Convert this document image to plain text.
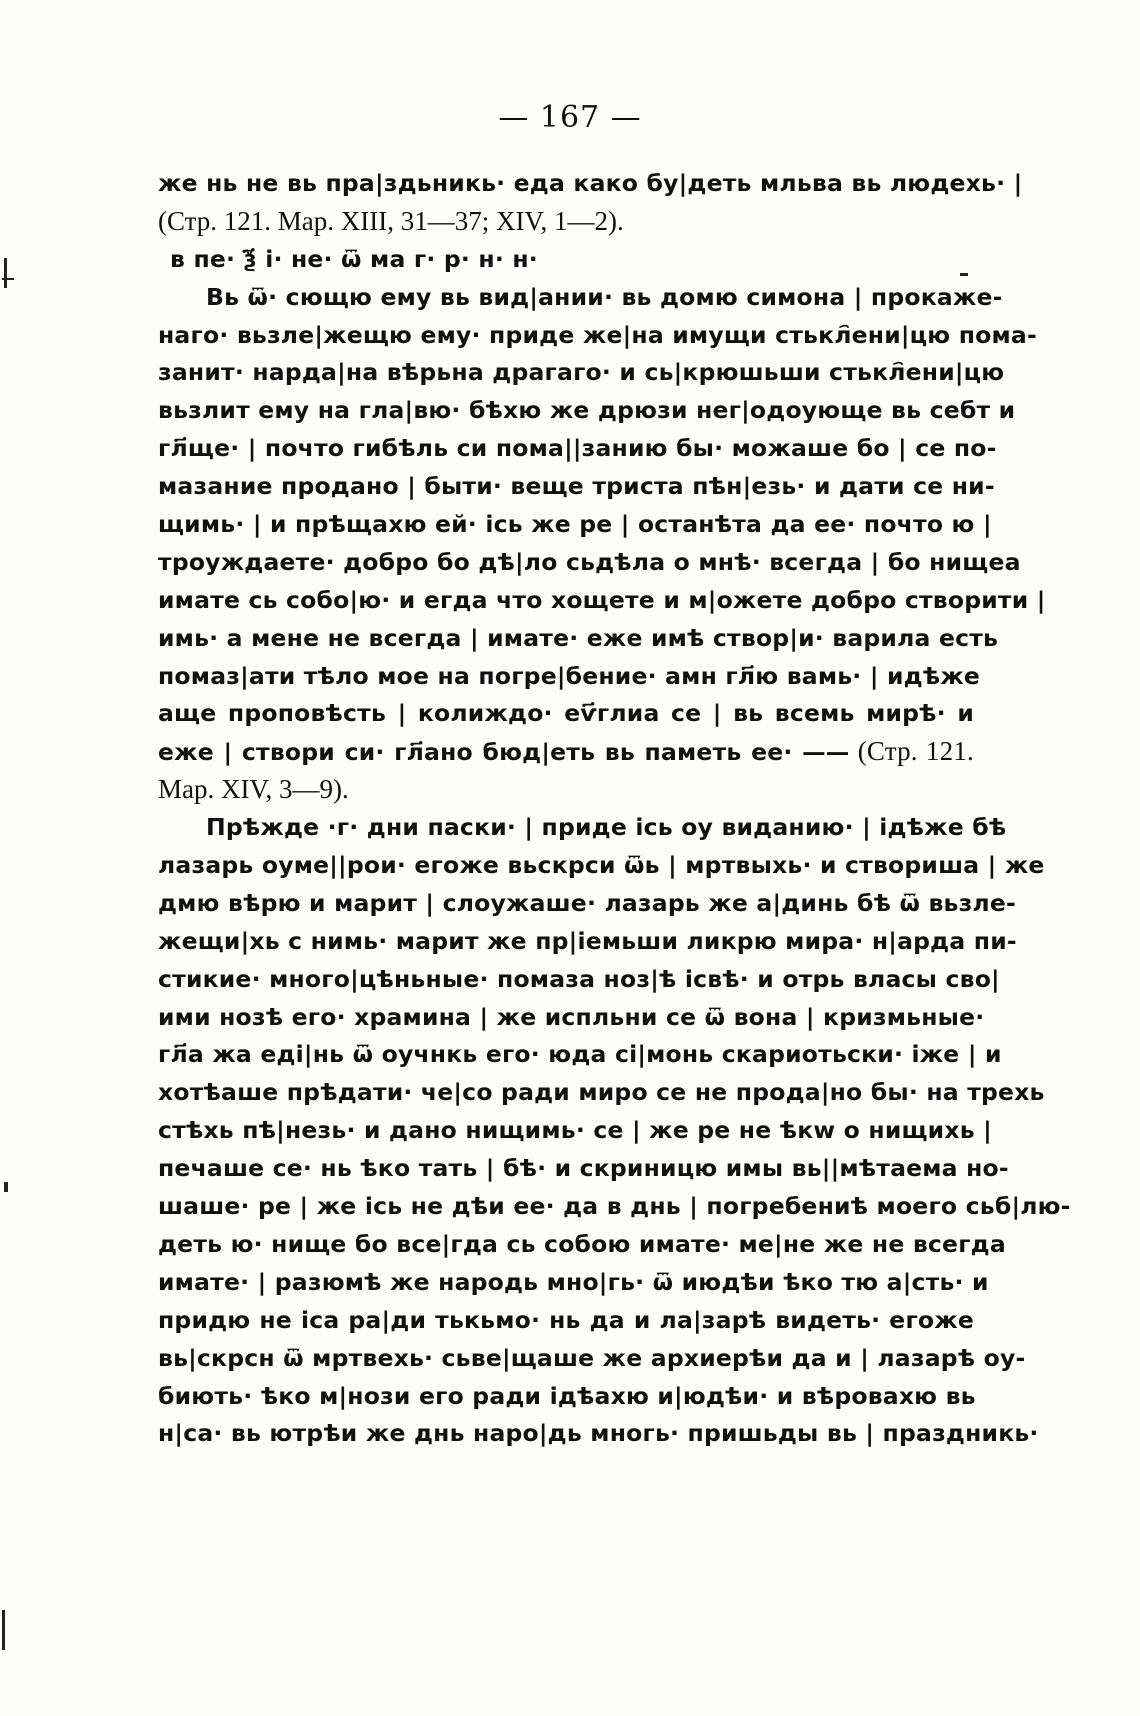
— 167 —
же нь не вь пра|здьникь· еда како бу|деть мльва вь людехь· |
(Стр. 121. Мар. XIII, 31—37; XIV, 1—2).
в пе· ѯ҃ і· не· ѿ ма г· р· н· н·
Вь ѿ· сющю ему вь вид|ании· вь домю симона | прокаже-
наго· вьзле|жещю ему· приде же|на имущи стькл҄ени|цю пома-
занит· нарда|на вѣрьна драгаго· и сь|крюшьши стькл҄ени|цю
вьзлит ему на гла|вю· бѣхю же дрюзи нег|одоующе вь себт и
гл҃ще· | почто гибѣль си пома||занию бы· можаше бо | се по-
мазание продано | быти· веще триста пѣн|езь· и дати се ни-
щимь· | и прѣщахю ей· ісь же ре | останѣта да ее· почто ю |
троуждаете· добро бо дѣ|ло сьдѣла о мнѣ· всегда | бо нищеа
имате сь собо|ю· и егда что хощете и м|ожете добро створити |
имь· а мене не всегда | имате· еже имѣ створ|и· варила есть
помаз|ати тѣло мое на погре|бение· амн гл҃ю вамь· | идѣже
аще проповѣсть | колиждо· еѵ҃глиа се | вь всемь мирѣ· и
еже | створи си· гл҃ано бюд|еть вь паметь ее· —— (Стр. 121.
Мар. XIV, 3—9).
Прѣжде ·г· дни паски· | приде ісь оу виданию· | ідѣже бѣ
лазарь оуме||рои· егоже вьскрси ѿь | мртвыхь· и створиша | же
дмю вѣрю и марит | слоужаше· лазарь же а|динь бѣ ѿ вьзле-
жещи|хь с нимь· марит же пр|iемьши ликрю мира· н|арда пи-
стикие· много|цѣньные· помаза ноз|ѣ ісвѣ· и отрь власы сво|
ими нозѣ его· храмина | же испльни се ѿ вона | кризмьные·
гл҃а жа еді|нь ѿ оучнкь его· юда сі|монь скариотьски· іже | и
хотѣаше прѣдати· че|со ради миро се не прода|но бы· на трехь
стѣхь пѣ|незь· и дано нищимь· се | же ре не ѣкw о нищихь |
печаше се· нь ѣко тать | бѣ· и скриницю имы вь||мѣтаема но-
шаше· ре | же ісь не дѣи ее· да в днь | погребениѣ моего сьб|лю-
деть ю· нище бо все|гда сь собою имате· ме|не же не всегда
имате· | разюмѣ же народь мно|гь· ѿ июдѣи ѣко тю а|сть· и
придю не іса ра|ди тькьмо· нь да и ла|зарѣ видеть· егоже
вь|скрсн ѿ мртвехь· сьве|щаше же архиерѣи да и | лазарѣ оу-
биють· ѣко м|нози его ради ідѣахю и|юдѣи· и вѣровахю вь
н|са· вь ютрѣи же днь наро|дь многь· пришьды вь | праздникь·
